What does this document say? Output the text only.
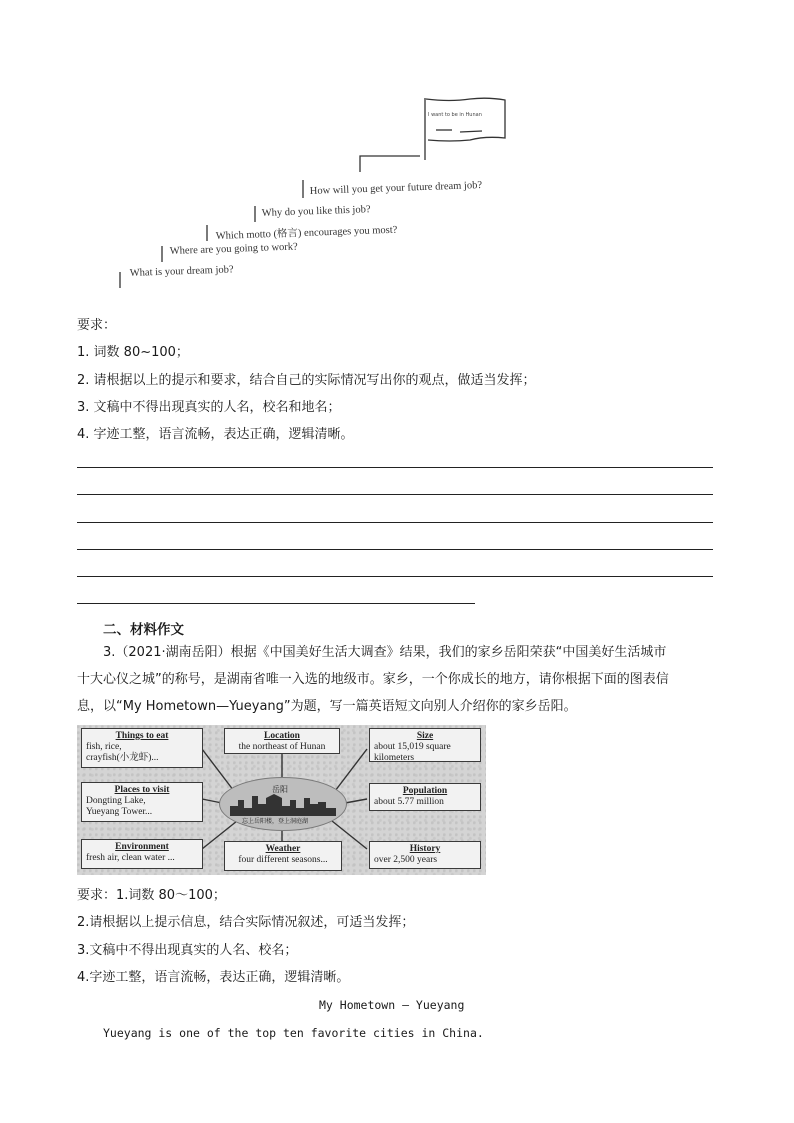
I want to be in Hunan
How will you get your future dream job?
Why do you like this job?
Which motto (格言) encourages you most?
Where are you going to work?
What is your dream job?
要求：
1. 词数 80~100；
2. 请根据以上的提示和要求，结合自己的实际情况写出你的观点，做适当发挥；
3. 文稿中不得出现真实的人名，校名和地名；
4. 字迹工整，语言流畅，表达正确，逻辑清晰。
二、材料作文
3.（2021·湖南岳阳）根据《中国美好生活大调查》结果，我们的家乡岳阳荣获“中国美好生活城市
十大心仪之城”的称号，是湖南省唯一入选的地级市。家乡，一个你成长的地方，请你根据下面的图表信
息，以“My Hometown—Yueyang”为题，写一篇英语短文向别人介绍你的家乡岳阳。
Things to eat
fish, rice,
crayfish(小龙虾)...
Places to visit
Dongting Lake,
Yueyang Tower...
Environment
fresh air, clean water ...
Location
the northeast of Hunan
岳阳
忘上岳阳楼，登上洞庭湖
Weather
four different seasons...
Size
about 15,019 square
kilometers
Population
about 5.77 million
History
over 2,500 years
要求：1.词数 80～100；
2.请根据以上提示信息，结合实际情况叙述，可适当发挥；
3.文稿中不得出现真实的人名、校名；
4.字迹工整，语言流畅，表达正确，逻辑清晰。
My Hometown — Yueyang
Yueyang is one of the top ten favorite cities in China.
